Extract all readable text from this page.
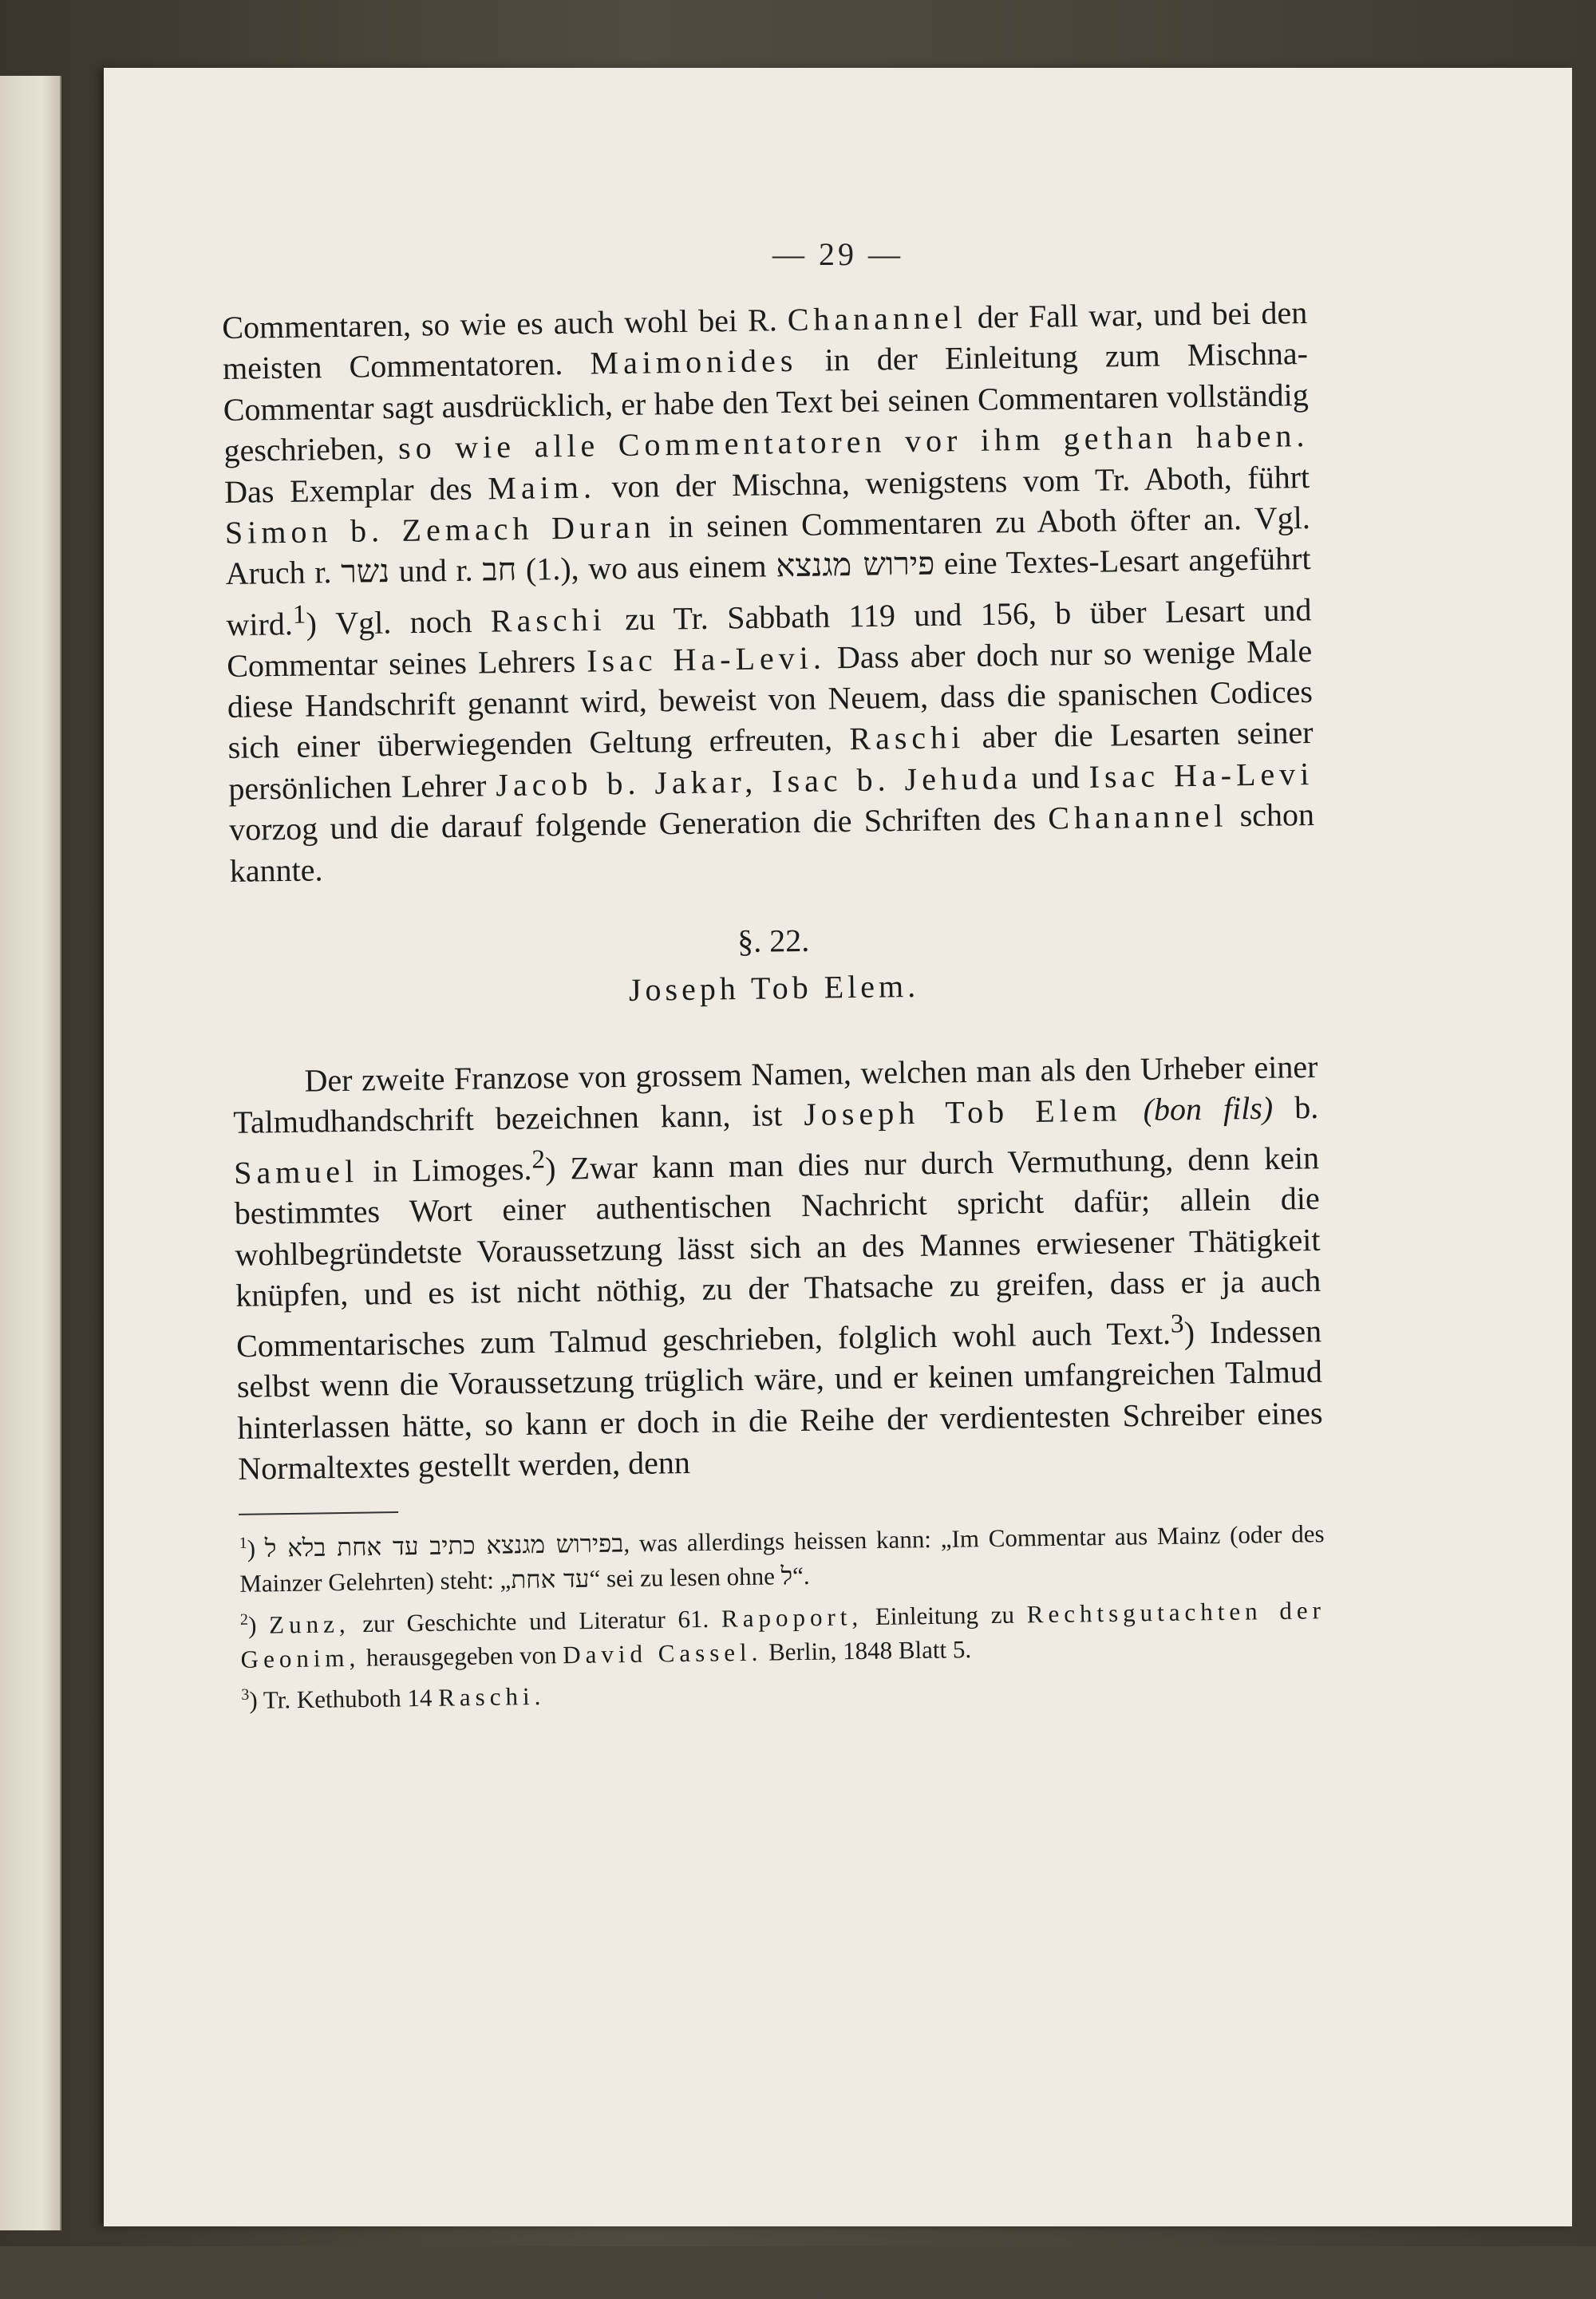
— 29 —

Commentaren, so wie es auch wohl bei R. Chanannel der Fall war, und bei den meisten Commentatoren. Maimonides in der Einleitung zum Mischna-Commentar sagt ausdrücklich, er habe den Text bei seinen Commentaren vollständig geschrieben, so wie alle Commentatoren vor ihm gethan haben. Das Exemplar des Maim. von der Mischna, wenigstens vom Tr. Aboth, führt Simon b. Zemach Duran in seinen Commentaren zu Aboth öfter an. Vgl. Aruch r. נשר und r. חב (1.), wo aus einem פירוש מגנצא eine Textes-Lesart angeführt wird.$^1$) Vgl. noch Raschi zu Tr. Sabbath 119 und 156, b über Lesart und Commentar seines Lehrers Isac Ha-Levi. Dass aber doch nur so wenige Male diese Handschrift genannt wird, beweist von Neuem, dass die spanischen Codices sich einer überwiegenden Geltung erfreuten, Raschi aber die Lesarten seiner persönlichen Lehrer Jacob b. Jakar, Isac b. Jehuda und Isac Ha-Levi vorzog und die darauf folgende Generation die Schriften des Chanannel schon kannte.

§. 22.
Joseph Tob Elem.

Der zweite Franzose von grossem Namen, welchen man als den Urheber einer Talmudhandschrift bezeichnen kann, ist Joseph Tob Elem (bon fils) b. Samuel in Limoges.$^2$) Zwar kann man dies nur durch Vermuthung, denn kein bestimmtes Wort einer authentischen Nachricht spricht dafür; allein die wohlbegründetste Voraussetzung lässt sich an des Mannes erwiesener Thätigkeit knüpfen, und es ist nicht nöthig, zu der Thatsache zu greifen, dass er ja auch Commentarisches zum Talmud geschrieben, folglich wohl auch Text.$^3$) Indessen selbst wenn die Voraussetzung trüglich wäre, und er keinen umfangreichen Talmud hinterlassen hätte, so kann er doch in die Reihe der verdientesten Schreiber eines Normaltextes gestellt werden, denn

$^1$) בפירוש מגנצא כתיב עד אחת בלא ל, was allerdings heissen kann: „Im Commentar aus Mainz (oder des Mainzer Gelehrten) steht: „עד אחת“ sei zu lesen ohne ל“.

$^2$) Zunz, zur Geschichte und Literatur 61. Rapoport, Einleitung zu Rechtsgutachten der Geonim, herausgegeben von David Cassel. Berlin, 1848 Blatt 5.

$^3$) Tr. Kethuboth 14 Raschi.
